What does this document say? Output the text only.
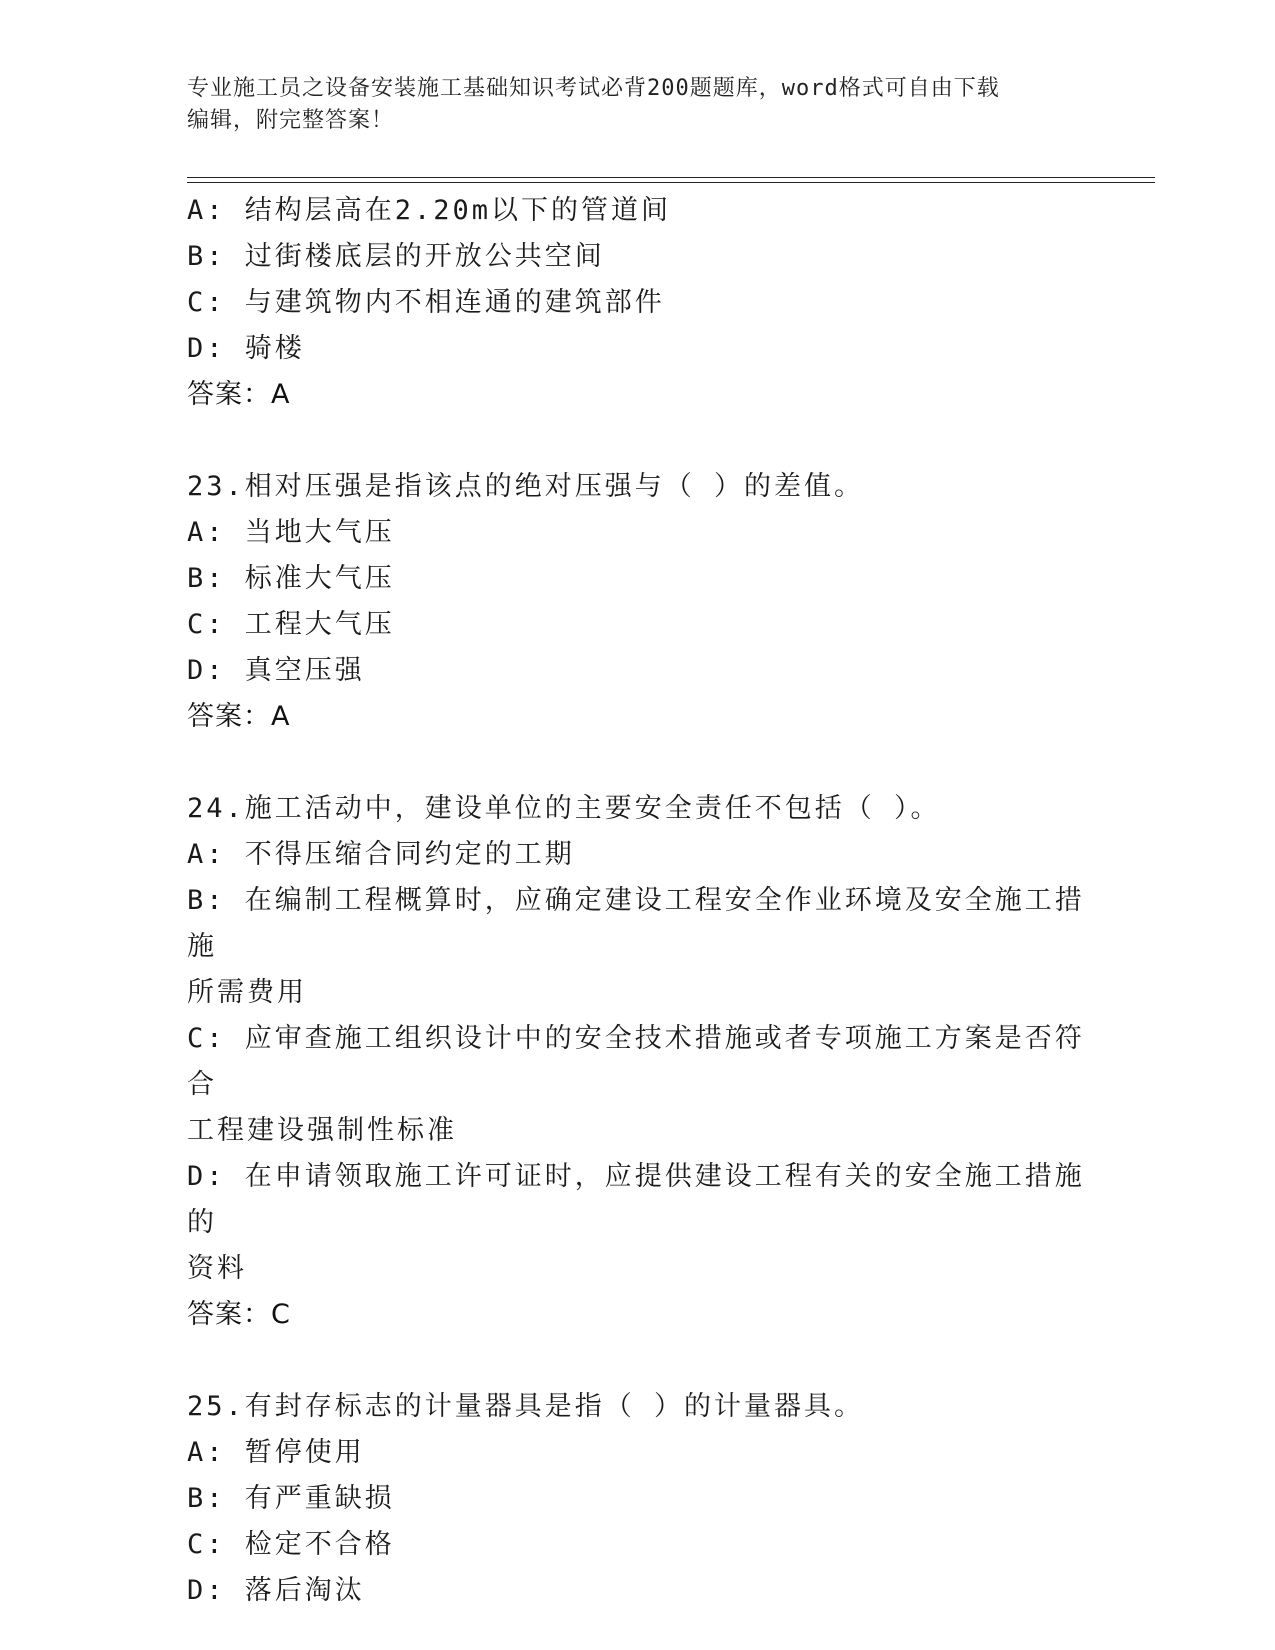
专业施工员之设备安装施工基础知识考试必背200题题库，word格式可自由下载
编辑，附完整答案！
A: 结构层高在2.20m以下的管道间
B: 过街楼底层的开放公共空间
C: 与建筑物内不相连通的建筑部件
D: 骑楼
答案：A
23.相对压强是指该点的绝对压强与（ ）的差值。
A: 当地大气压
B: 标准大气压
C: 工程大气压
D: 真空压强
答案：A
24.施工活动中，建设单位的主要安全责任不包括（ ）。
A: 不得压缩合同约定的工期
B: 在编制工程概算时，应确定建设工程安全作业环境及安全施工措施
所需费用
C: 应审查施工组织设计中的安全技术措施或者专项施工方案是否符合
工程建设强制性标准
D: 在申请领取施工许可证时，应提供建设工程有关的安全施工措施的
资料
答案：C
25.有封存标志的计量器具是指（ ）的计量器具。
A: 暂停使用
B: 有严重缺损
C: 检定不合格
D: 落后淘汰
